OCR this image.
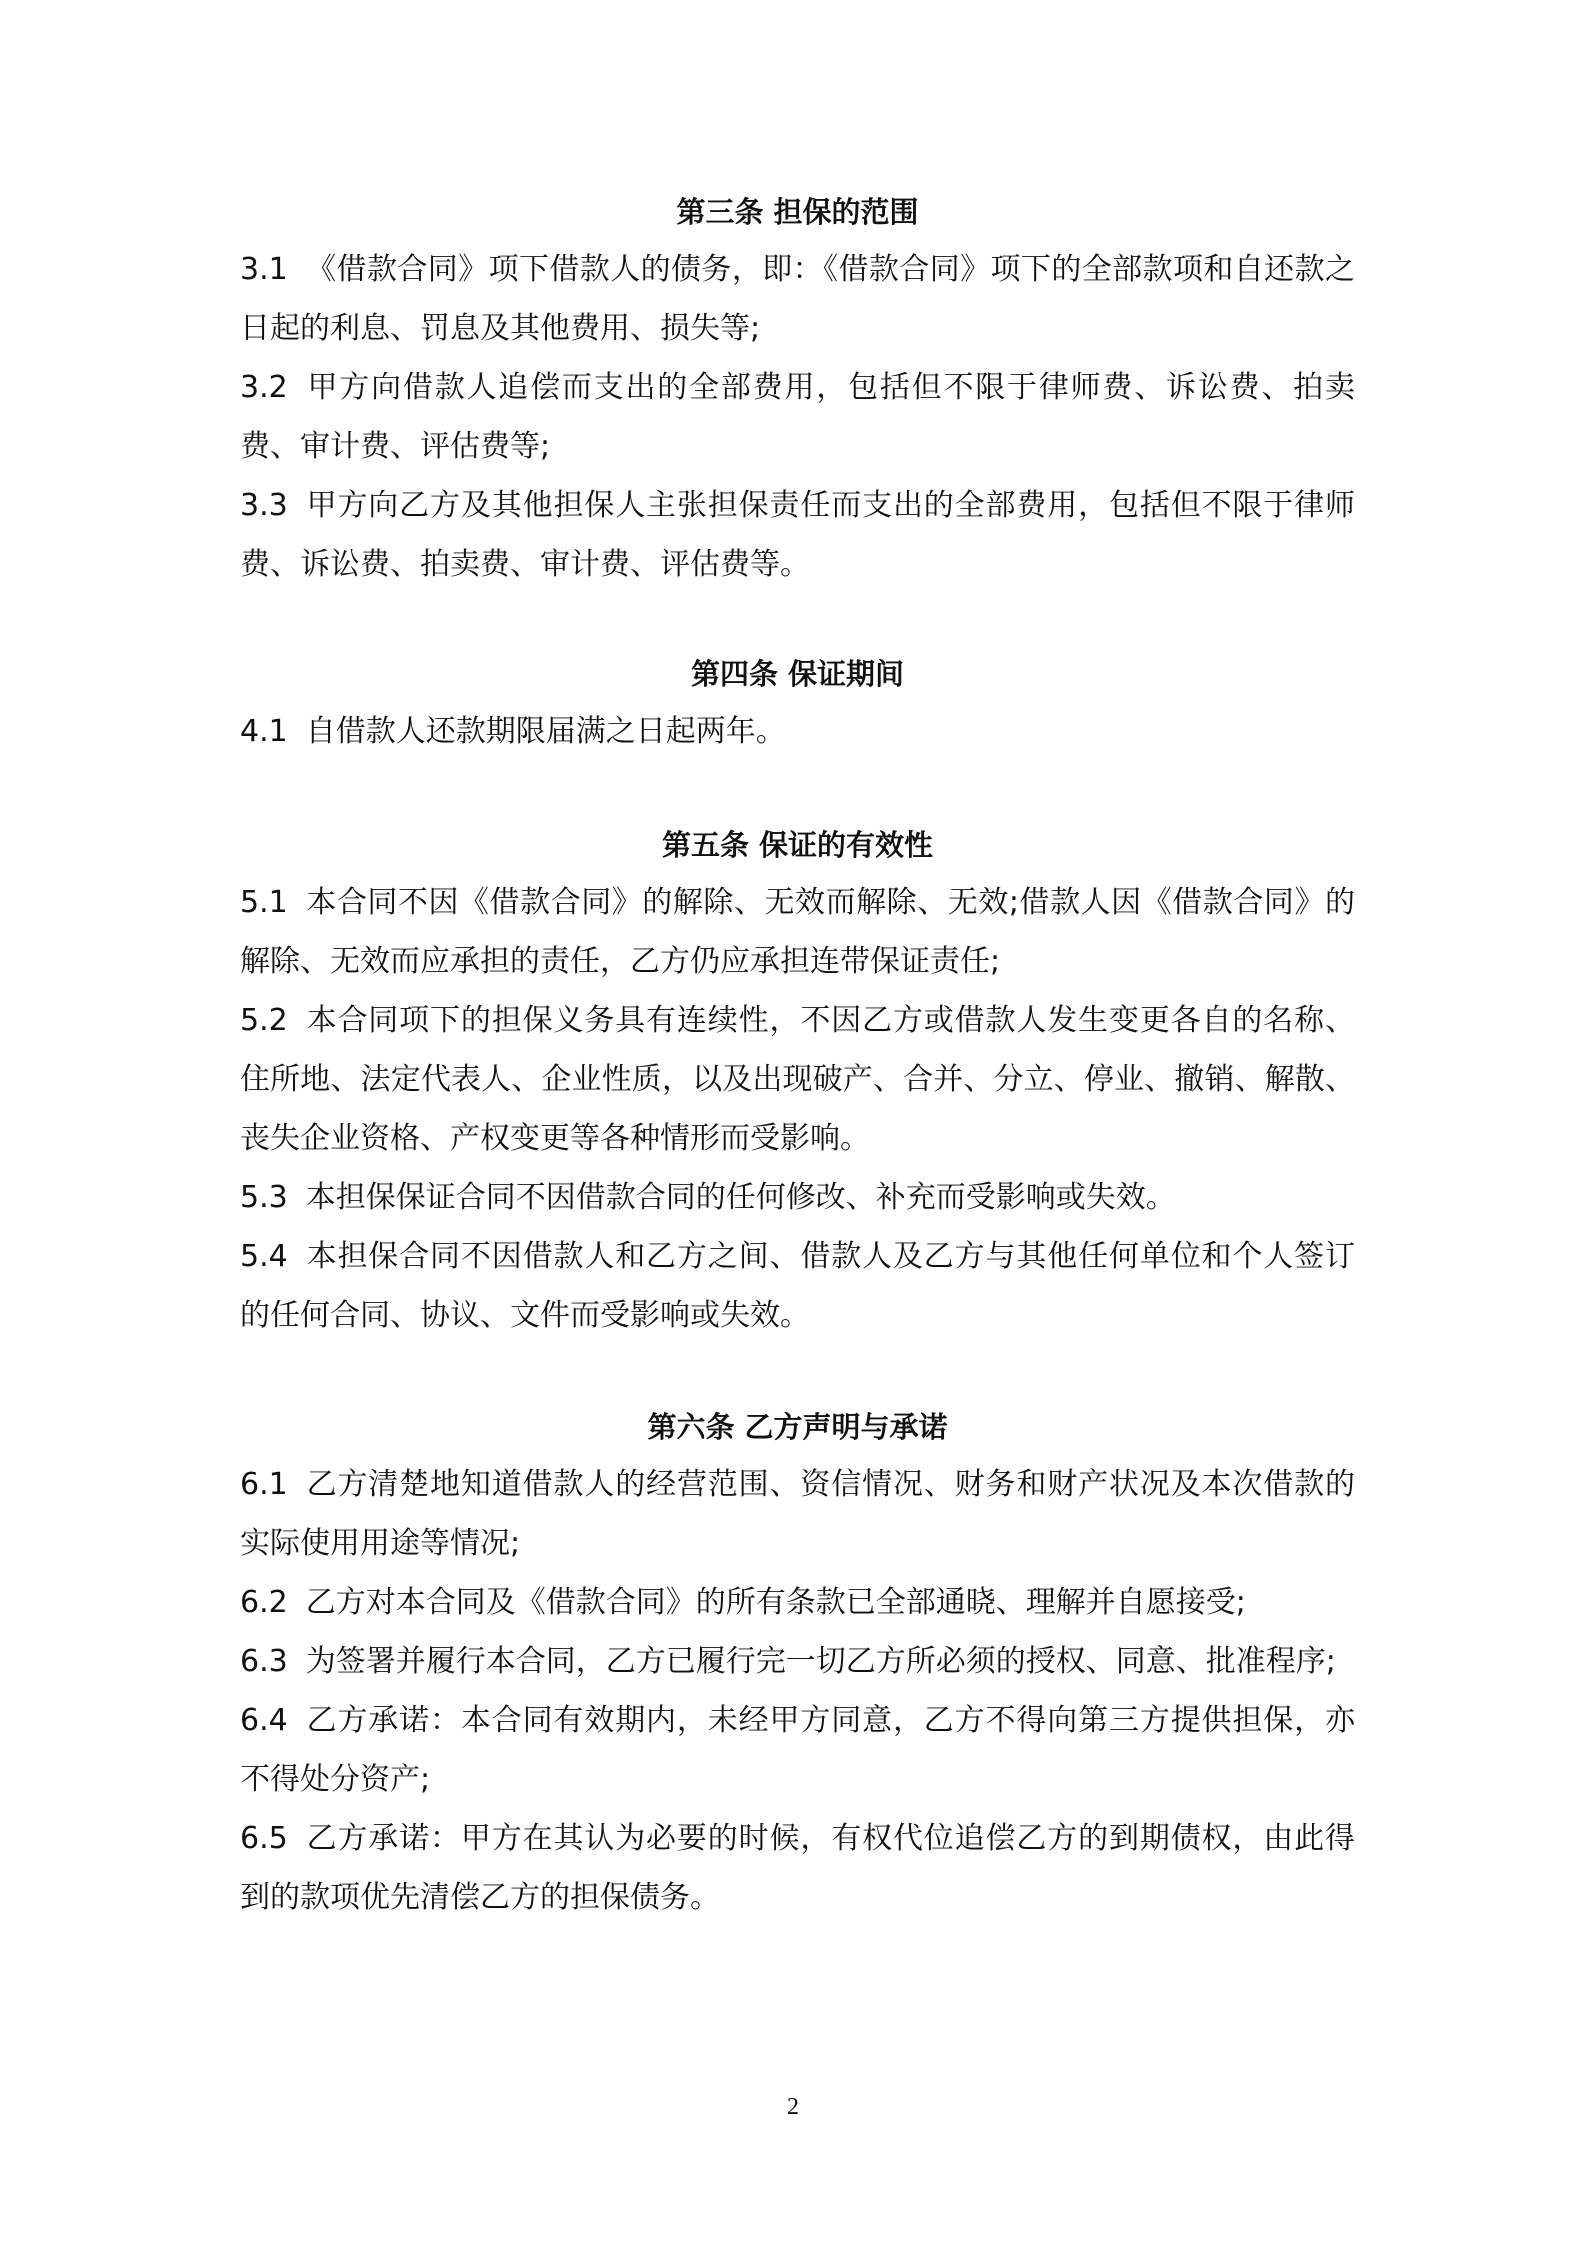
第三条 担保的范围

3.1 《借款合同》项下借款人的债务，即：《借款合同》项下的全部款项和自还款之日起的利息、罚息及其他费用、损失等;

3.2 甲方向借款人追偿而支出的全部费用，包括但不限于律师费、诉讼费、拍卖费、审计费、评估费等;

3.3 甲方向乙方及其他担保人主张担保责任而支出的全部费用，包括但不限于律师费、诉讼费、拍卖费、审计费、评估费等。

第四条 保证期间

4.1 自借款人还款期限届满之日起两年。

第五条 保证的有效性

5.1 本合同不因《借款合同》的解除、无效而解除、无效;借款人因《借款合同》的解除、无效而应承担的责任，乙方仍应承担连带保证责任;

5.2 本合同项下的担保义务具有连续性，不因乙方或借款人发生变更各自的名称、住所地、法定代表人、企业性质，以及出现破产、合并、分立、停业、撤销、解散、丧失企业资格、产权变更等各种情形而受影响。

5.3 本担保保证合同不因借款合同的任何修改、补充而受影响或失效。

5.4 本担保合同不因借款人和乙方之间、借款人及乙方与其他任何单位和个人签订的任何合同、协议、文件而受影响或失效。

第六条 乙方声明与承诺

6.1 乙方清楚地知道借款人的经营范围、资信情况、财务和财产状况及本次借款的实际使用用途等情况;

6.2 乙方对本合同及《借款合同》的所有条款已全部通晓、理解并自愿接受;

6.3 为签署并履行本合同，乙方已履行完一切乙方所必须的授权、同意、批准程序;

6.4 乙方承诺：本合同有效期内，未经甲方同意，乙方不得向第三方提供担保，亦不得处分资产;

6.5 乙方承诺：甲方在其认为必要的时候，有权代位追偿乙方的到期债权，由此得到的款项优先清偿乙方的担保债务。

2
